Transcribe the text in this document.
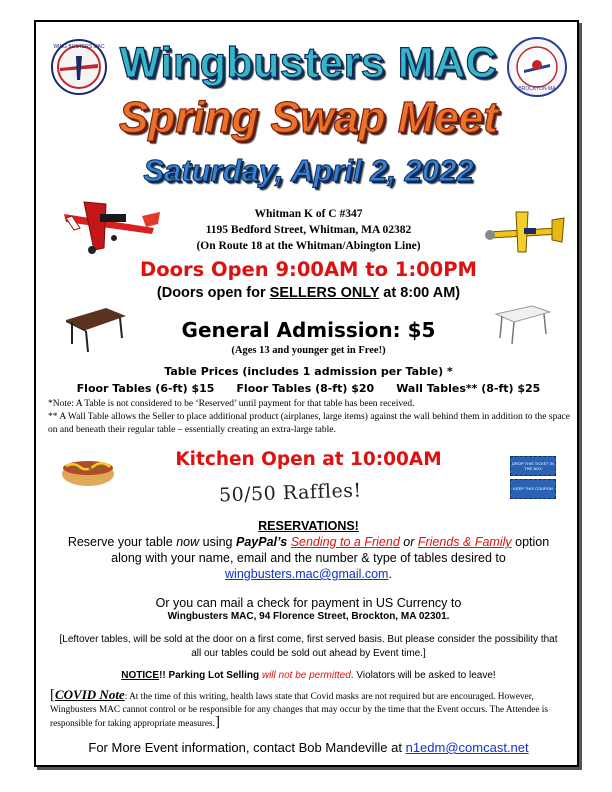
WING BUSTERS MAC
BROCKTON MA
Wingbusters MAC
Spring Swap Meet
Saturday, April 2, 2022
Whitman K of C #347
1195 Bedford Street, Whitman, MA 02382
(On Route 18 at the Whitman/Abington Line)
Doors Open 9:00AM to 1:00PM
(Doors open for SELLERS ONLY at 8:00 AM)
General Admission: $5
(Ages 13 and younger get in Free!)
Table Prices (includes 1 admission per Table) *
Floor Tables (6-ft) $15 Floor Tables (8-ft) $20 Wall Tables** (8-ft) $25
*Note: A Table is not considered to be ‘Reserved’ until payment for that table has been received.
** A Wall Table allows the Seller to place additional product (airplanes, large items) against the wall behind them in addition to the space on and beneath their regular table – essentially creating an extra-large table.
Kitchen Open at 10:00AM
50/50 Raffles!
DROP THIS TICKET IN THE BOX
KEEP THIS COUPON
RESERVATIONS!
Reserve your table now using PayPal’s Sending to a Friend or Friends & Family option
along with your name, email and the number & type of tables desired to
wingbusters.mac@gmail.com.
Or you can mail a check for payment in US Currency to
Wingbusters MAC, 94 Florence Street, Brockton, MA 02301.
[Leftover tables, will be sold at the door on a first come, first served basis. But please consider the possibility that all our tables could be sold out ahead by Event time.]
NOTICE!! Parking Lot Selling will not be permitted. Violators will be asked to leave!
[COVID Note: At the time of this writing, health laws state that Covid masks are not required but are encouraged. However, Wingbusters MAC cannot control or be responsible for any changes that may occur by the time that the Event occurs. The Attendee is responsible for taking appropriate measures.]
For More Event information, contact Bob Mandeville at n1edm@comcast.net
